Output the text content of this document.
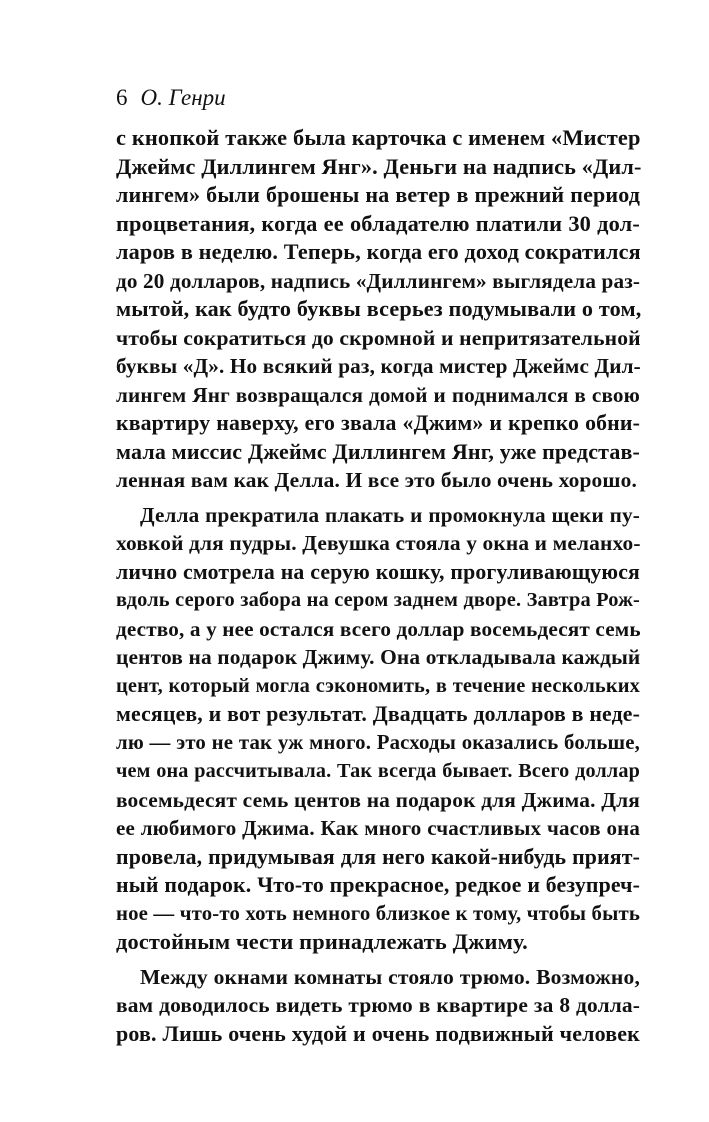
6 О. Генри
с кнопкой также была карточка с именем «Мистер
Джеймс Диллингем Янг». Деньги на надпись «Дил-
лингем» были брошены на ветер в прежний период
процветания, когда ее обладателю платили 30 дол-
ларов в неделю. Теперь, когда его доход сократился
до 20 долларов, надпись «Диллингем» выглядела раз-
мытой, как будто буквы всерьез подумывали о том,
чтобы сократиться до скромной и непритязательной
буквы «Д». Но всякий раз, когда мистер Джеймс Дил-
лингем Янг возвращался домой и поднимался в свою
квартиру наверху, его звала «Джим» и крепко обни-
мала миссис Джеймс Диллингем Янг, уже представ-
ленная вам как Делла. И все это было очень хорошо.
Делла прекратила плакать и промокнула щеки пу-
ховкой для пудры. Девушка стояла у окна и меланхо-
лично смотрела на серую кошку, прогуливающуюся
вдоль серого забора на сером заднем дворе. Завтра Рож-
дество, а у нее остался всего доллар восемьдесят семь
центов на подарок Джиму. Она откладывала каждый
цент, который могла сэкономить, в течение нескольких
месяцев, и вот результат. Двадцать долларов в неде-
лю — это не так уж много. Расходы оказались больше,
чем она рассчитывала. Так всегда бывает. Всего доллар
восемьдесят семь центов на подарок для Джима. Для
ее любимого Джима. Как много счастливых часов она
провела, придумывая для него какой-нибудь прият-
ный подарок. Что-то прекрасное, редкое и безупреч-
ное — что-то хоть немного близкое к тому, чтобы быть
достойным чести принадлежать Джиму.
Между окнами комнаты стояло трюмо. Возможно,
вам доводилось видеть трюмо в квартире за 8 долла-
ров. Лишь очень худой и очень подвижный человек
